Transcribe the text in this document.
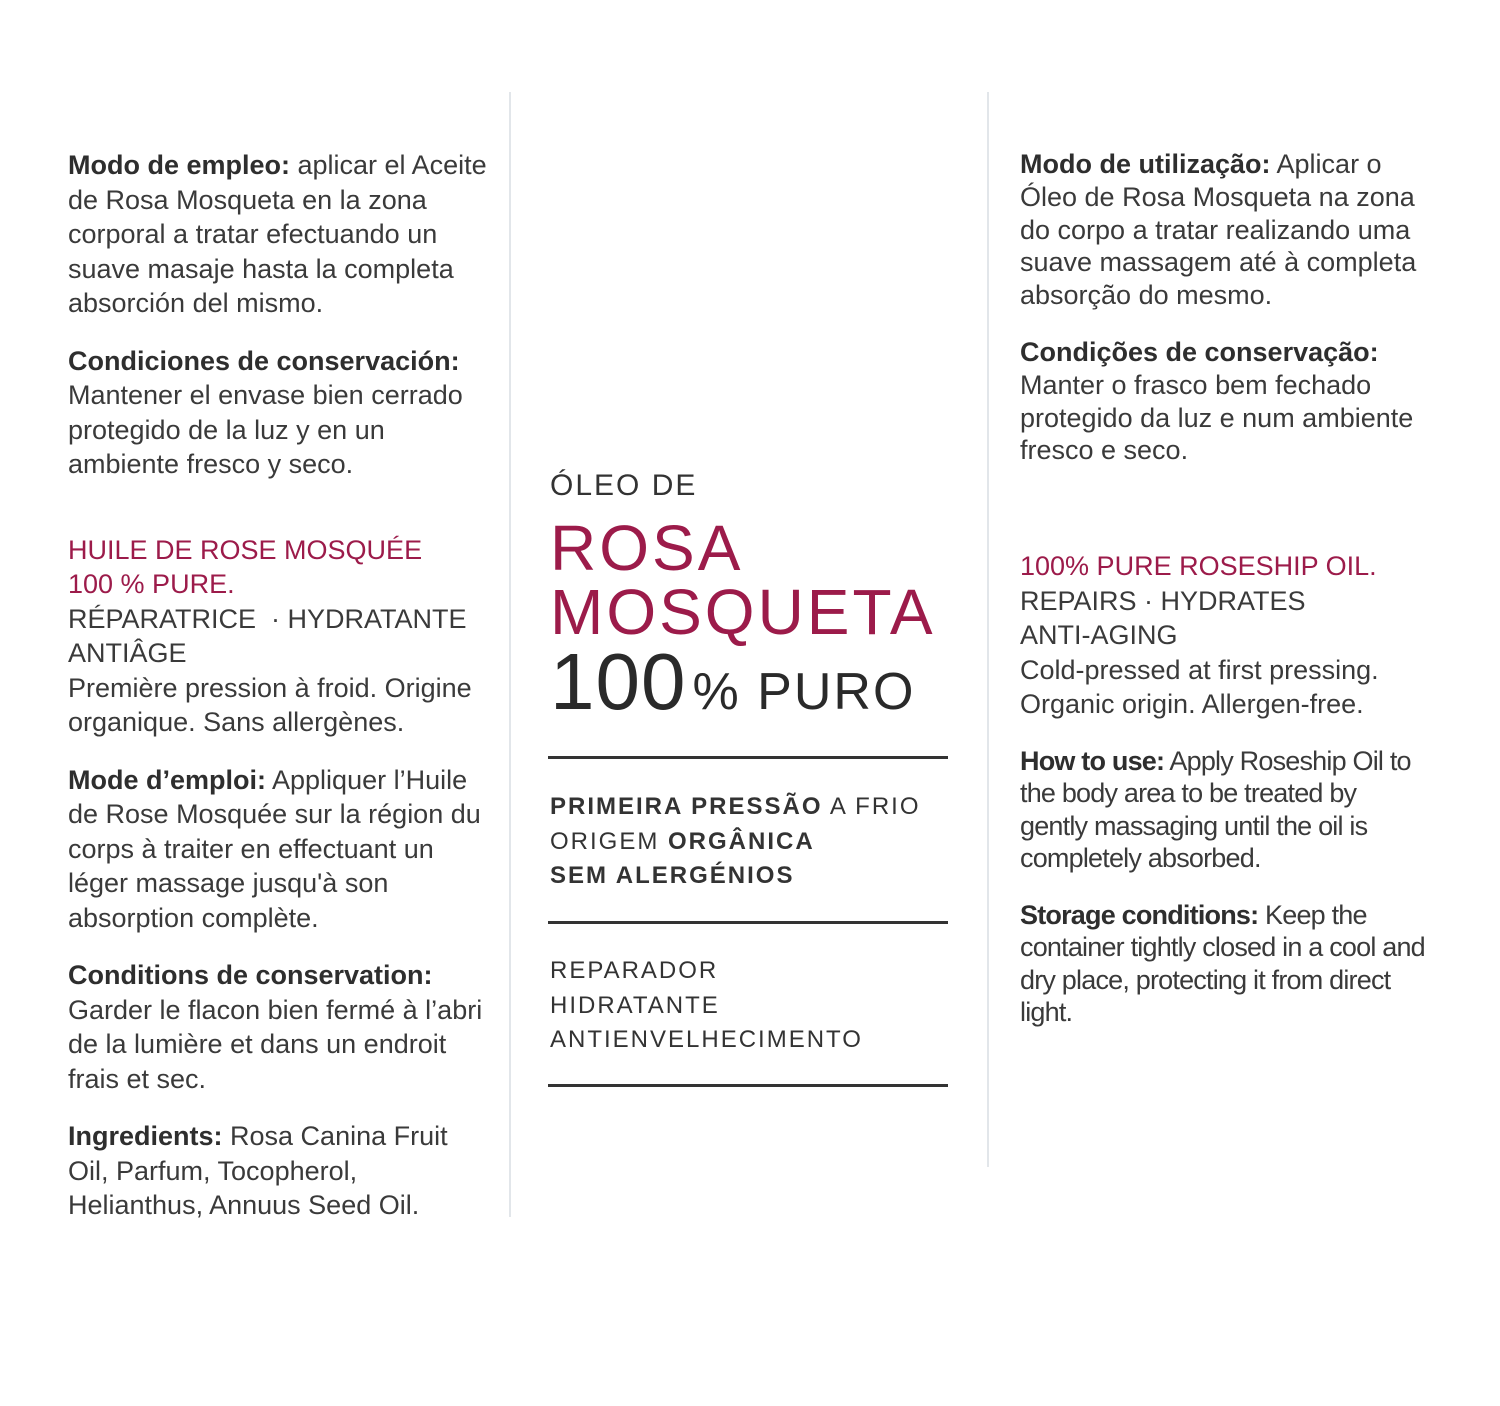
Modo de empleo: aplicar el Aceite de Rosa Mosqueta en la zona corporal a tratar efectuando un suave masaje hasta la completa absorción del mismo.

Condiciones de conservación:
Mantener el envase bien cerrado protegido de la luz y en un ambiente fresco y seco.

HUILE DE ROSE MOSQUÉE
100 % PURE.

RÉPARATRICE  · HYDRATANTE
ANTIÂGE
Première pression à froid. Origine organique. Sans allergènes.

Mode d’emploi: Appliquer l’Huile de Rose Mosquée sur la région du corps à traiter en effectuant un léger massage jusqu'à son absorption complète.

Conditions de conservation:
Garder le flacon bien fermé à l’abri de la lumière et dans un endroit frais et sec.

Ingredients: Rosa Canina Fruit Oil, Parfum, Tocopherol, Helianthus, Annuus Seed Oil.

ÓLEO DE
ROSA
MOSQUETA
100 % PURO
PRIMEIRA PRESSÃO A FRIO
ORIGEM ORGÂNICA
SEM ALERGÉNIOS
REPARADOR
HIDRATANTE
ANTIENVELHECIMENTO

Modo de utilização: Aplicar o Óleo de Rosa Mosqueta na zona do corpo a tratar realizando uma suave massagem até à completa absorção do mesmo.

Condições de conservação:
Manter o frasco bem fechado protegido da luz e num ambiente fresco e seco.

100% PURE ROSESHIP OIL.

REPAIRS · HYDRATES
ANTI-AGING
Cold-pressed at first pressing. Organic origin. Allergen-free.

How to use: Apply Roseship Oil to the body area to be treated by gently massaging until the oil is completely absorbed.

Storage conditions: Keep the container tightly closed in a cool and dry place, protecting it from direct light.
